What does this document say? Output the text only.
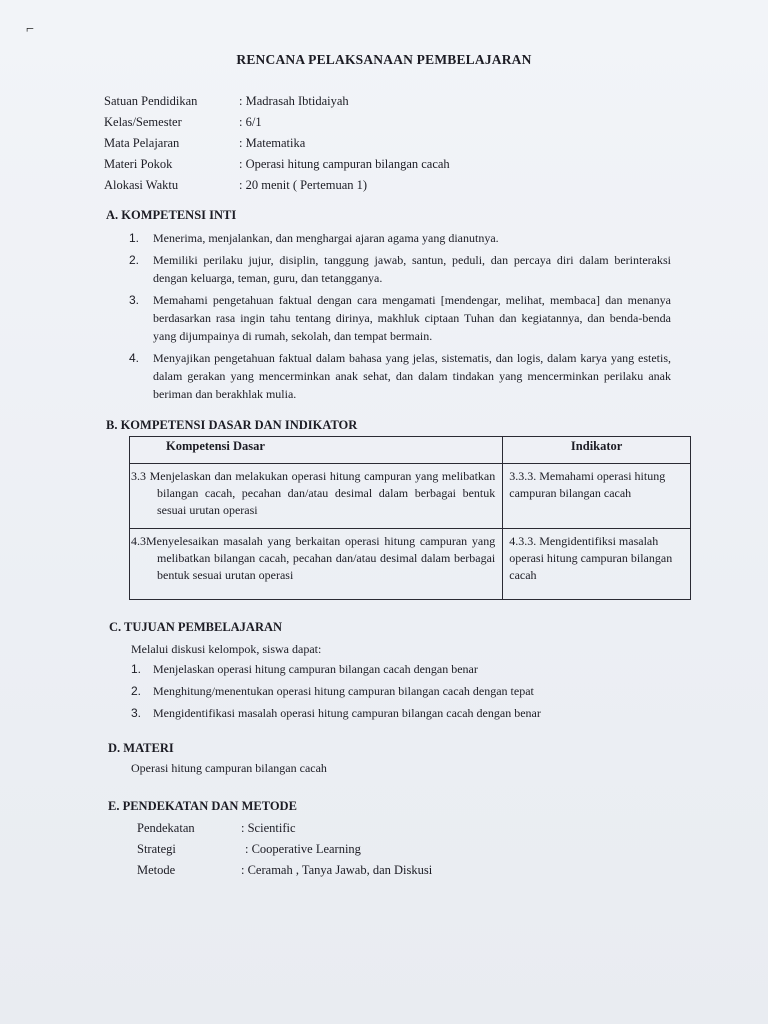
⌐
RENCANA PELAKSANAAN PEMBELAJARAN
Satuan Pendidikan	: Madrasah Ibtidaiyah
Kelas/Semester	: 6/1
Mata Pelajaran	: Matematika
Materi Pokok	: Operasi hitung campuran bilangan cacah
Alokasi Waktu	: 20 menit ( Pertemuan 1)
A. KOMPETENSI INTI
1.	Menerima, menjalankan, dan menghargai ajaran agama yang dianutnya.
2.	Memiliki perilaku jujur, disiplin, tanggung jawab, santun, peduli, dan percaya diri dalam berinteraksi dengan keluarga, teman, guru, dan tetangganya.
3.	Memahami pengetahuan faktual dengan cara mengamati [mendengar, melihat, membaca] dan menanya berdasarkan rasa ingin tahu tentang dirinya, makhluk ciptaan Tuhan dan kegiatannya, dan benda-benda yang dijumpainya di rumah, sekolah, dan tempat bermain.
4.	Menyajikan pengetahuan faktual dalam bahasa yang jelas, sistematis, dan logis, dalam karya yang estetis, dalam gerakan yang mencerminkan anak sehat, dan dalam tindakan yang mencerminkan perilaku anak beriman dan berakhlak mulia.
B. KOMPETENSI DASAR DAN INDIKATOR
Kompetensi Dasar	Indikator

3.3 Menjelaskan dan melakukan operasi hitung campuran yang melibatkan bilangan cacah, pecahan dan/atau desimal dalam berbagai bentuk sesuai urutan operasi	3.3.3. Memahami operasi hitung campuran bilangan cacah

4.3Menyelesaikan masalah yang berkaitan operasi hitung campuran yang melibatkan bilangan cacah, pecahan dan/atau desimal dalam berbagai bentuk sesuai urutan operasi	4.3.3. Mengidentifiksi masalah operasi hitung campuran bilangan cacah
C. TUJUAN PEMBELAJARAN
Melalui diskusi kelompok, siswa dapat:
1. Menjelaskan operasi hitung campuran bilangan cacah dengan benar
2. Menghitung/menentukan operasi hitung campuran bilangan cacah dengan tepat
3. Mengidentifikasi masalah operasi hitung campuran bilangan cacah dengan benar
D. MATERI
Operasi hitung campuran bilangan cacah
E. PENDEKATAN DAN METODE
Pendekatan	: Scientific
Strategi	: Cooperative Learning
Metode	: Ceramah , Tanya Jawab, dan Diskusi
